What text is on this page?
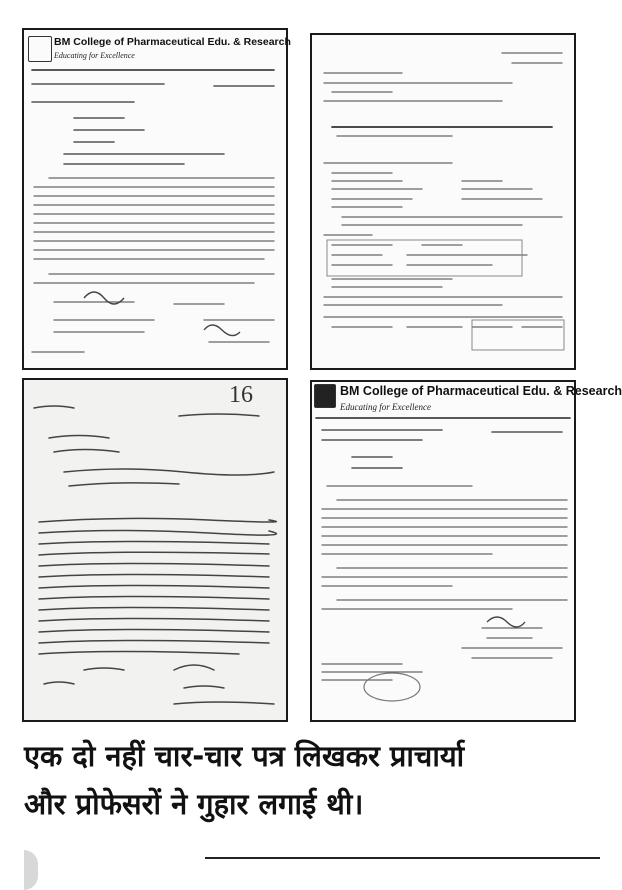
BM College of Pharmaceutical Edu. & Research
Educating for Excellence
16	BM College of Pharmaceutical Edu. & Research
Educating for Excellence
एक दो नहीं चार-चार पत्र लिखकर प्राचार्या
और प्रोफेसरों ने गुहार लगाई थी।
